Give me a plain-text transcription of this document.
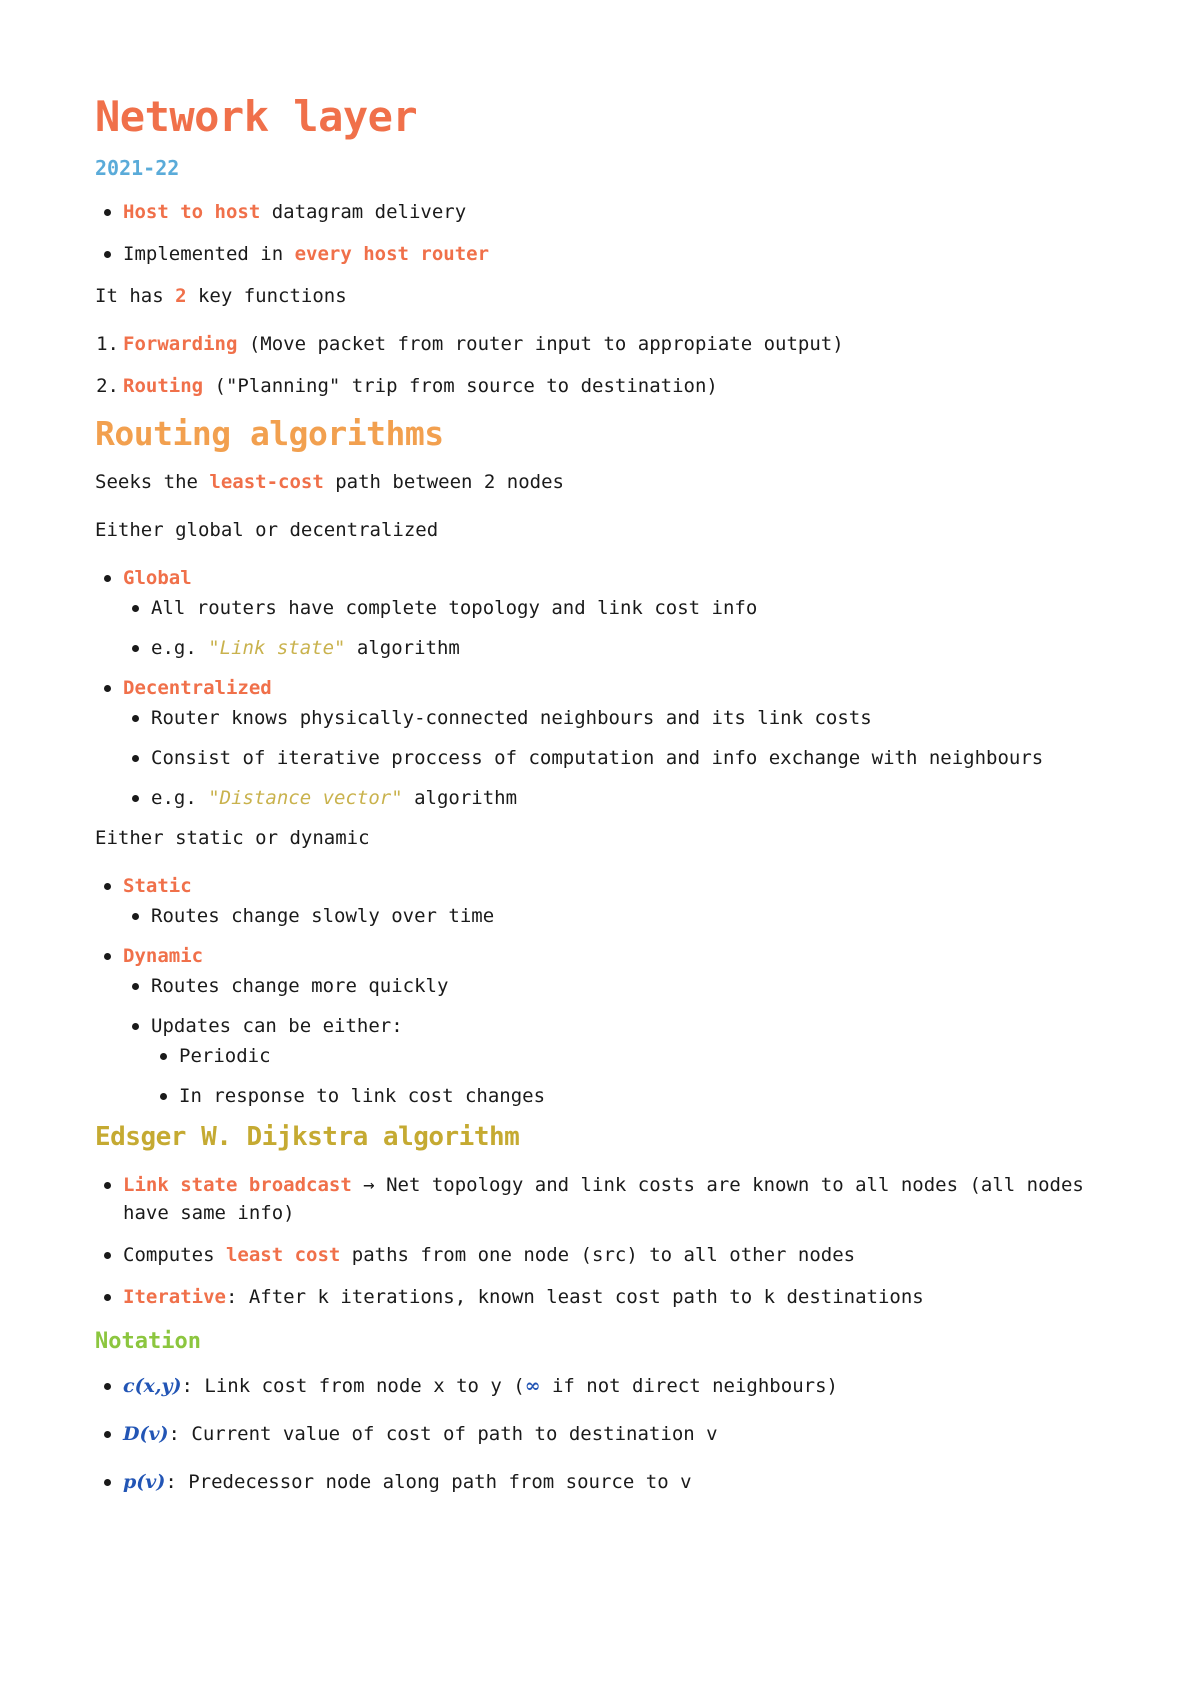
Network layer
2021-22
Host to host datagram delivery
Implemented in every host router

It has 2 key functions

1. Forwarding (Move packet from router input to appropiate output)
2. Routing ("Planning" trip from source to destination)
Routing algorithms

Seeks the least-cost path between 2 nodes

Either global or decentralized

Global
All routers have complete topology and link cost info
e.g. "Link state" algorithm
Decentralized
Router knows physically-connected neighbours and its link costs
Consist of iterative proccess of computation and info exchange with neighbours
e.g. "Distance vector" algorithm

Either static or dynamic

Static
Routes change slowly over time
Dynamic
Routes change more quickly
Updates can be either:
Periodic
In response to link cost changes
Edsger W. Dijkstra algorithm
Link state broadcast → Net topology and link costs are known to all nodes (all nodes have same info)
Computes least cost paths from one node (src) to all other nodes
Iterative: After k iterations, known least cost path to k destinations
Notation
c(x,y): Link cost from node x to y (∞ if not direct neighbours)
D(v): Current value of cost of path to destination v
p(v): Predecessor node along path from source to v
